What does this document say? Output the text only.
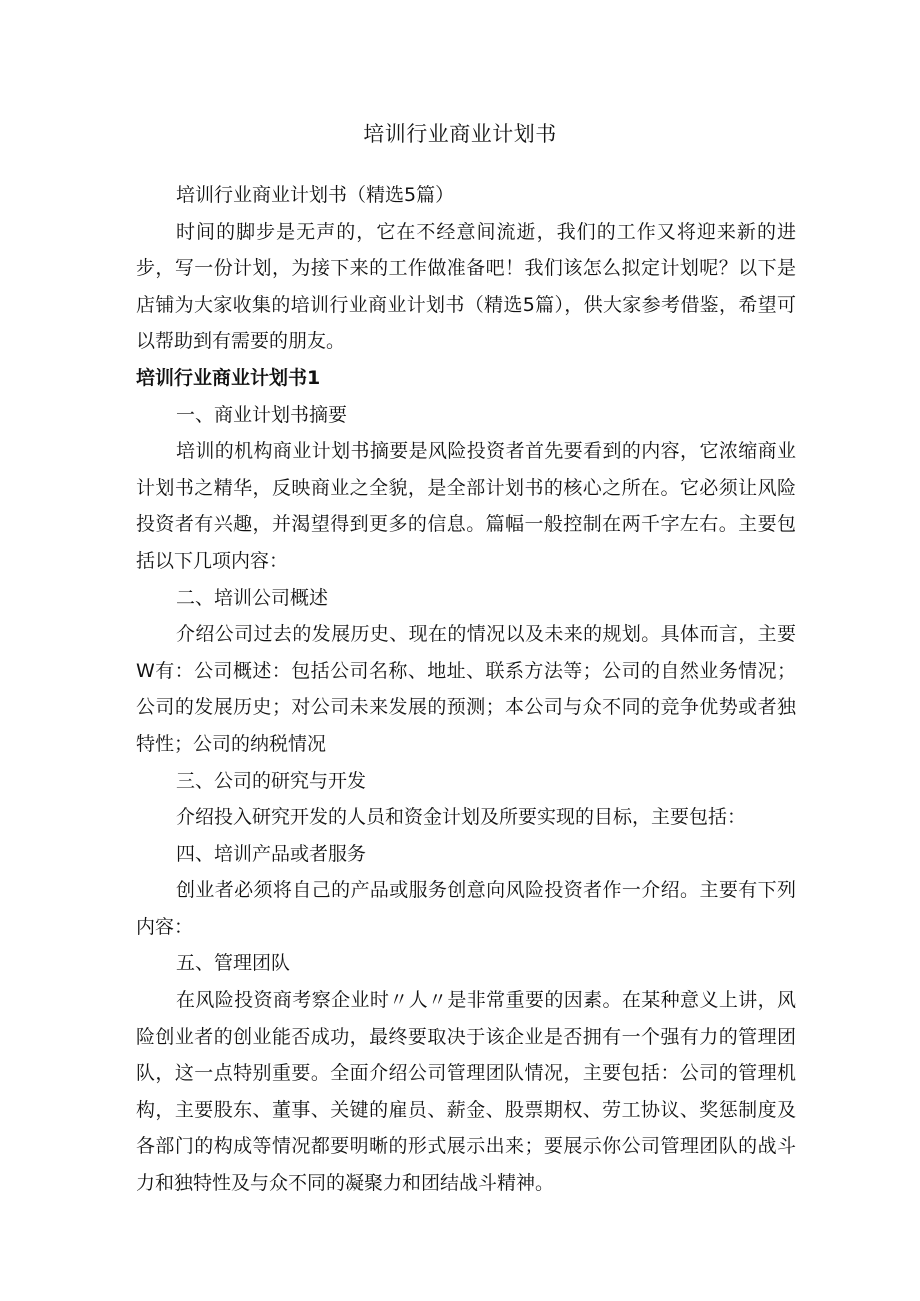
培训行业商业计划书

培训行业商业计划书（精选5篇）

时间的脚步是无声的，它在不经意间流逝，我们的工作又将迎来新的进步，写一份计划，为接下来的工作做准备吧！我们该怎么拟定计划呢？以下是店铺为大家收集的培训行业商业计划书（精选5篇），供大家参考借鉴，希望可以帮助到有需要的朋友。

培训行业商业计划书1

一、商业计划书摘要

培训的机构商业计划书摘要是风险投资者首先要看到的内容，它浓缩商业计划书之精华，反映商业之全貌，是全部计划书的核心之所在。它必须让风险投资者有兴趣，并渴望得到更多的信息。篇幅一般控制在两千字左右。主要包括以下几项内容：

二、培训公司概述

介绍公司过去的发展历史、现在的情况以及未来的规划。具体而言，主要W有：公司概述：包括公司名称、地址、联系方法等；公司的自然业务情况；公司的发展历史；对公司未来发展的预测；本公司与众不同的竞争优势或者独特性；公司的纳税情况

三、公司的研究与开发

介绍投入研究开发的人员和资金计划及所要实现的目标，主要包括：

四、培训产品或者服务

创业者必须将自己的产品或服务创意向风险投资者作一介绍。主要有下列内容：

五、管理团队

在风险投资商考察企业时〃人〃是非常重要的因素。在某种意义上讲，风险创业者的创业能否成功，最终要取决于该企业是否拥有一个强有力的管理团队，这一点特别重要。全面介绍公司管理团队情况，主要包括：公司的管理机构，主要股东、董事、关键的雇员、薪金、股票期权、劳工协议、奖惩制度及各部门的构成等情况都要明晰的形式展示出来；要展示你公司管理团队的战斗力和独特性及与众不同的凝聚力和团结战斗精神。
